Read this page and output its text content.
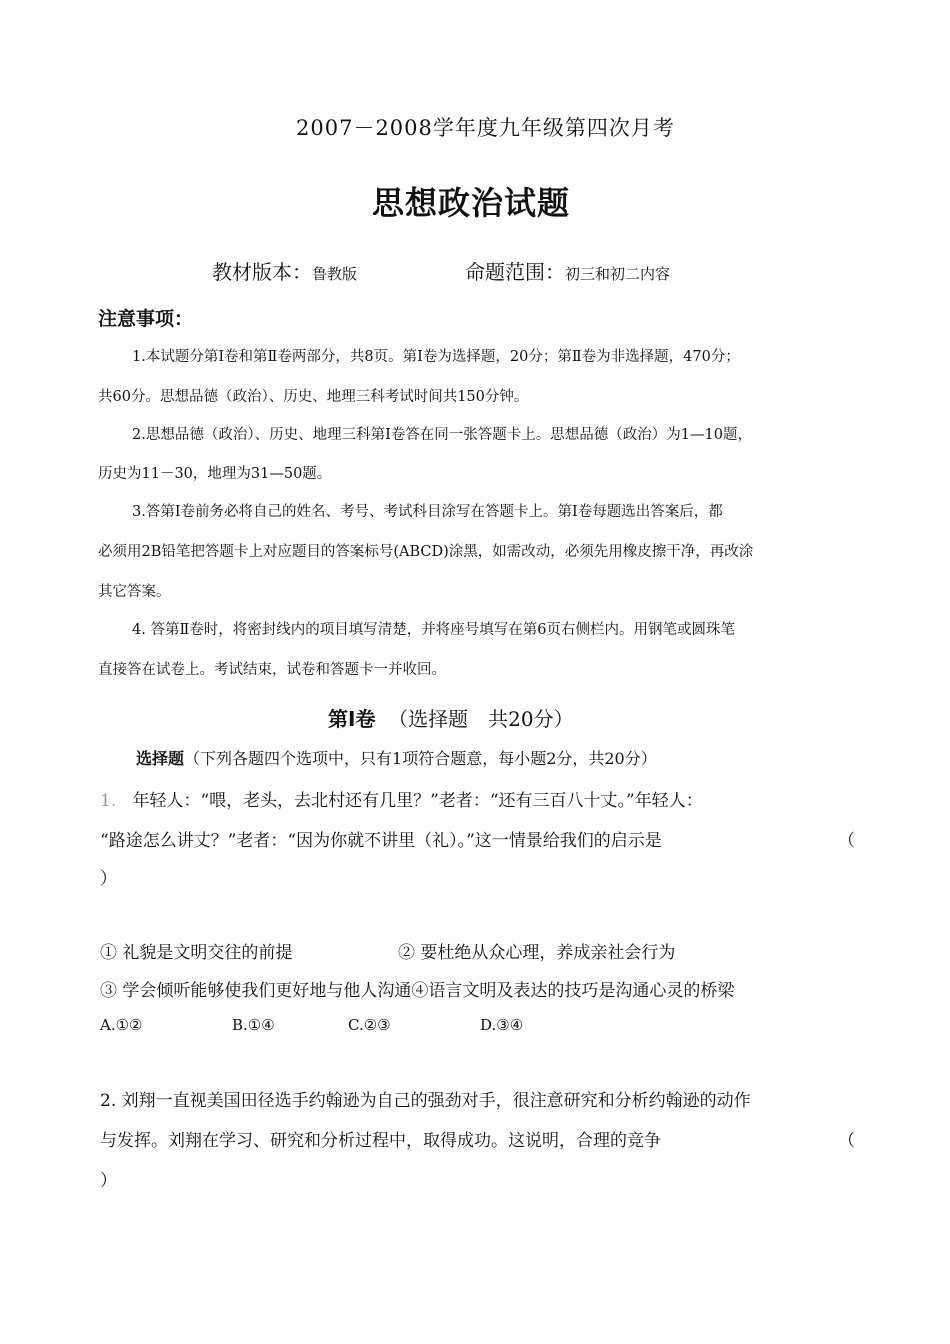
2007－2008学年度九年级第四次月考
思想政治试题
教材版本：鲁教版	命题范围：初三和初二内容
注意事项：
1.本试题分第Ⅰ卷和第Ⅱ卷两部分，共8页。第Ⅰ卷为选择题，20分；第Ⅱ卷为非选择题，470分；
共60分。思想品德（政治）、历史、地理三科考试时间共150分钟。
2.思想品德（政治）、历史、地理三科第Ⅰ卷答在同一张答题卡上。思想品德（政治）为1—10题，
历史为11－30，地理为31—50题。
3.答第Ⅰ卷前务必将自己的姓名、考号、考试科目涂写在答题卡上。第Ⅰ卷每题选出答案后，都
必须用2B铅笔把答题卡上对应题目的答案标号(ABCD)涂黑，如需改动，必须先用橡皮擦干净，再改涂
其它答案。
4. 答第Ⅱ卷时，将密封线内的项目填写清楚，并将座号填写在第6页右侧栏内。用钢笔或圆珠笔
直接答在试卷上。考试结束，试卷和答题卡一并收回。
第Ⅰ卷 （选择题　共20分）
选择题（下列各题四个选项中，只有1项符合题意，每小题2分，共20分）
1. 年轻人：“喂，老头，去北村还有几里？”老者：“还有三百八十丈。”年轻人：
“路途怎么讲丈？”老者：“因为你就不讲里（礼）。”这一情景给我们的启示是	（
）
① 礼貌是文明交往的前提	② 要杜绝从众心理，养成亲社会行为
③ 学会倾听能够使我们更好地与他人沟通④语言文明及表达的技巧是沟通心灵的桥梁
A.①②	B.①④	C.②③	D.③④
2. 刘翔一直视美国田径选手约翰逊为自己的强劲对手，很注意研究和分析约翰逊的动作
与发挥。刘翔在学习、研究和分析过程中，取得成功。这说明，合理的竞争	（
）
